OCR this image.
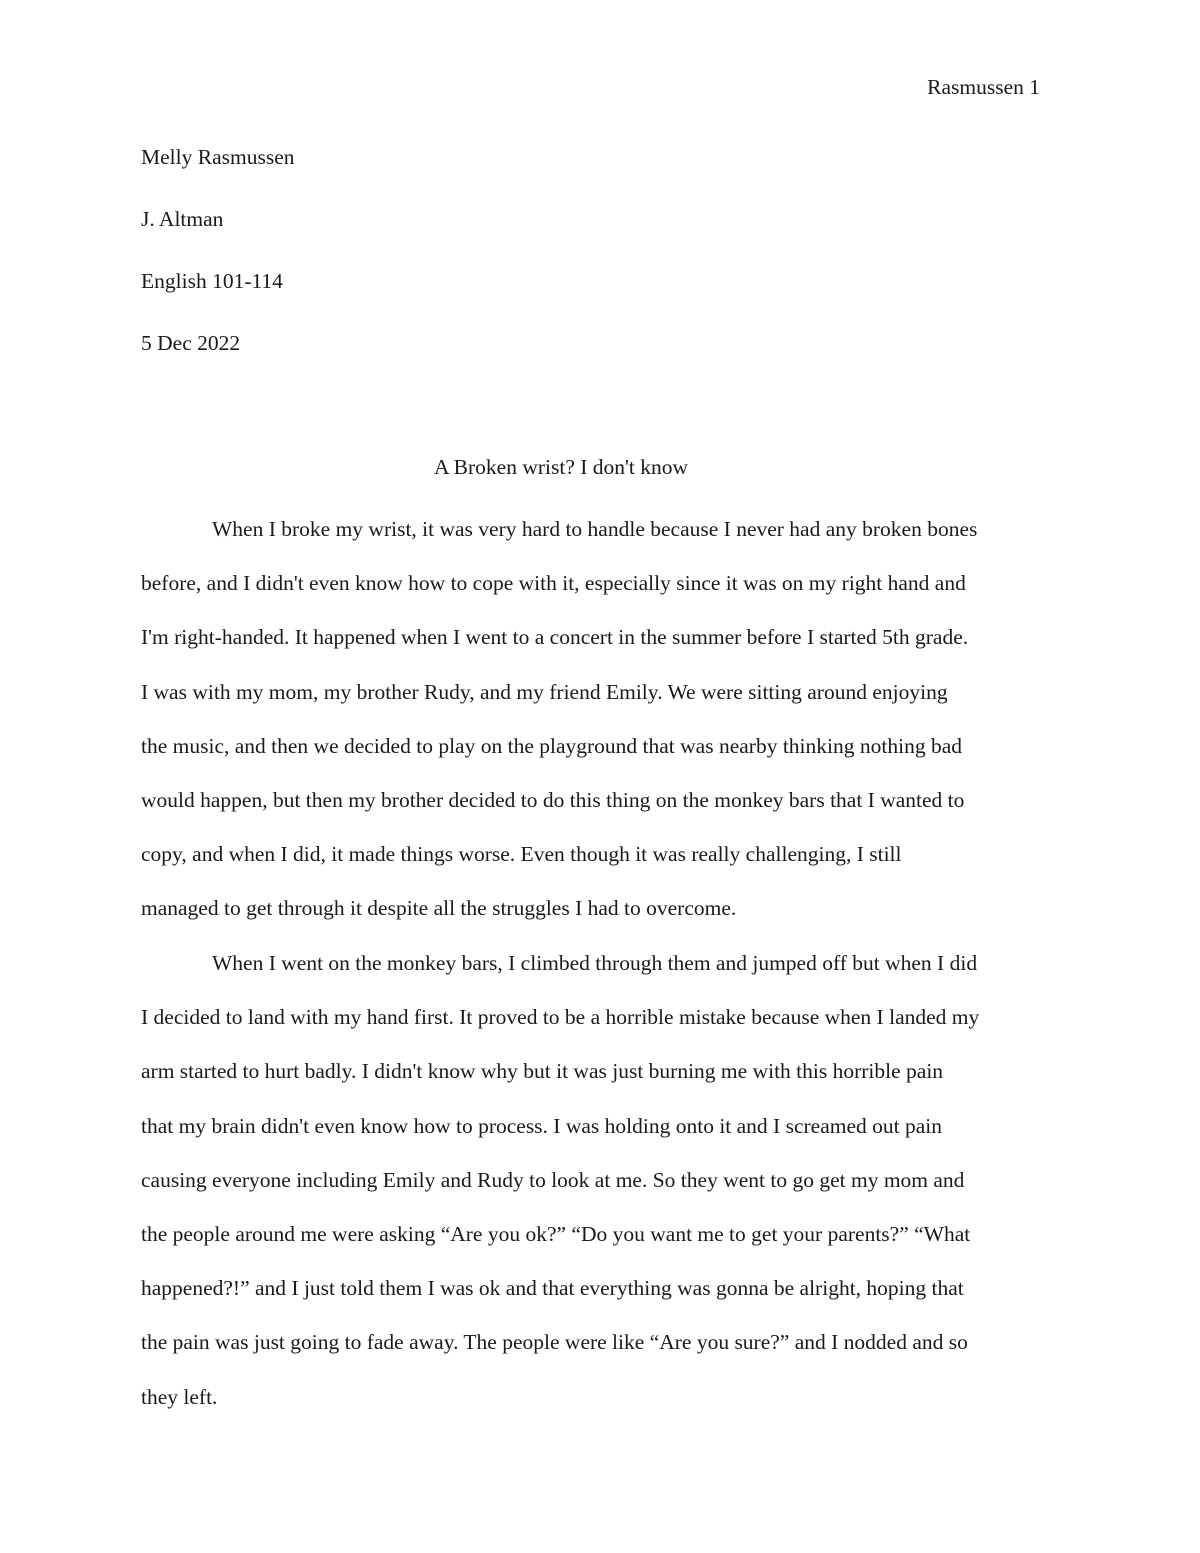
Rasmussen 1
Melly Rasmussen
J. Altman
English 101-114
5 Dec 2022
A Broken wrist? I don't know
When I broke my wrist, it was very hard to handle because I never had any broken bones
before, and I didn't even know how to cope with it, especially since it was on my right hand and
I'm right-handed. It happened when I went to a concert in the summer before I started 5th grade.
I was with my mom, my brother Rudy, and my friend Emily. We were sitting around enjoying
the music, and then we decided to play on the playground that was nearby thinking nothing bad
would happen, but then my brother decided to do this thing on the monkey bars that I wanted to
copy, and when I did, it made things worse. Even though it was really challenging, I still
managed to get through it despite all the struggles I had to overcome.
When I went on the monkey bars, I climbed through them and jumped off but when I did
I decided to land with my hand first. It proved to be a horrible mistake because when I landed my
arm started to hurt badly. I didn't know why but it was just burning me with this horrible pain
that my brain didn't even know how to process. I was holding onto it and I screamed out pain
causing everyone including Emily and Rudy to look at me. So they went to go get my mom and
the people around me were asking “Are you ok?” “Do you want me to get your parents?” “What
happened?!” and I just told them I was ok and that everything was gonna be alright, hoping that
the pain was just going to fade away. The people were like “Are you sure?” and I nodded and so
they left.
